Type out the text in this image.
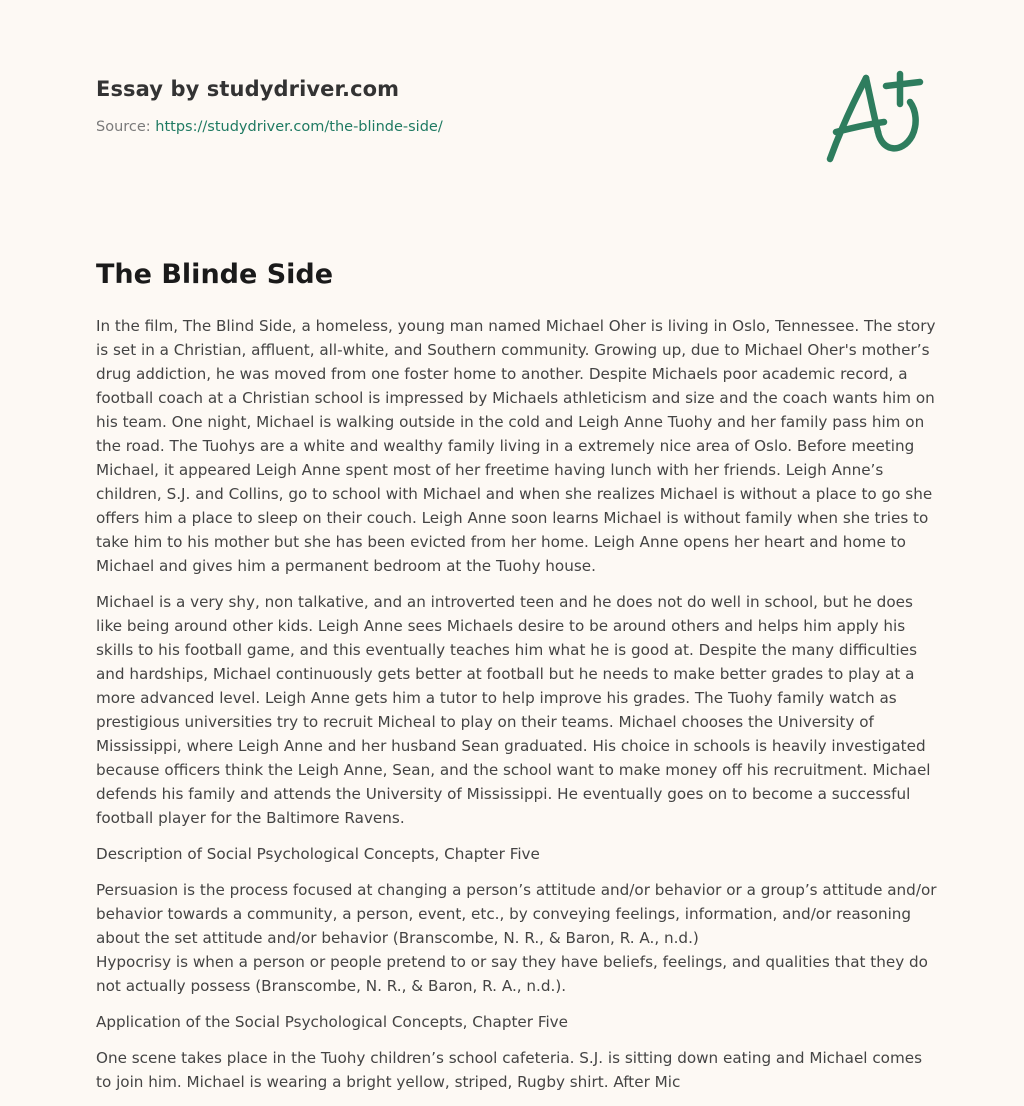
Essay by studydriver.com
Source: https://studydriver.com/the-blinde-side/
The Blinde Side

In the film, The Blind Side, a homeless, young man named Michael Oher is living in Oslo, Tennessee. The story is set in a Christian, affluent, all-white, and Southern community. Growing up, due to Michael Oher's mother’s drug addiction, he was moved from one foster home to another. Despite Michaels poor academic record, a football coach at a Christian school is impressed by Michaels athleticism and size and the coach wants him on his team. One night, Michael is walking outside in the cold and Leigh Anne Tuohy and her family pass him on the road. The Tuohys are a white and wealthy family living in a extremely nice area of Oslo. Before meeting Michael, it appeared Leigh Anne spent most of her freetime having lunch with her friends. Leigh Anne’s children, S.J. and Collins, go to school with Michael and when she realizes Michael is without a place to go she offers him a place to sleep on their couch. Leigh Anne soon learns Michael is without family when she tries to take him to his mother but she has been evicted from her home. Leigh Anne opens her heart and home to Michael and gives him a permanent bedroom at the Tuohy house.

Michael is a very shy, non talkative, and an introverted teen and he does not do well in school, but he does like being around other kids. Leigh Anne sees Michaels desire to be around others and helps him apply his skills to his football game, and this eventually teaches him what he is good at. Despite the many difficulties and hardships, Michael continuously gets better at football but he needs to make better grades to play at a more advanced level. Leigh Anne gets him a tutor to help improve his grades. The Tuohy family watch as prestigious universities try to recruit Micheal to play on their teams. Michael chooses the University of Mississippi, where Leigh Anne and her husband Sean graduated. His choice in schools is heavily investigated because officers think the Leigh Anne, Sean, and the school want to make money off his recruitment. Michael defends his family and attends the University of Mississippi. He eventually goes on to become a successful football player for the Baltimore Ravens.

Description of Social Psychological Concepts, Chapter Five

Persuasion is the process focused at changing a person’s attitude and/or behavior or a group’s attitude and/or behavior towards a community, a person, event, etc., by conveying feelings, information, and/or reasoning about the set attitude and/or behavior (Branscombe, N. R., & Baron, R. A., n.d.)

Hypocrisy is when a person or people pretend to or say they have beliefs, feelings, and qualities that they do not actually possess (Branscombe, N. R., & Baron, R. A., n.d.).

Application of the Social Psychological Concepts, Chapter Five

One scene takes place in the Tuohy children’s school cafeteria. S.J. is sitting down eating and Michael comes to join him. Michael is wearing a bright yellow, striped, Rugby shirt. After Mic
